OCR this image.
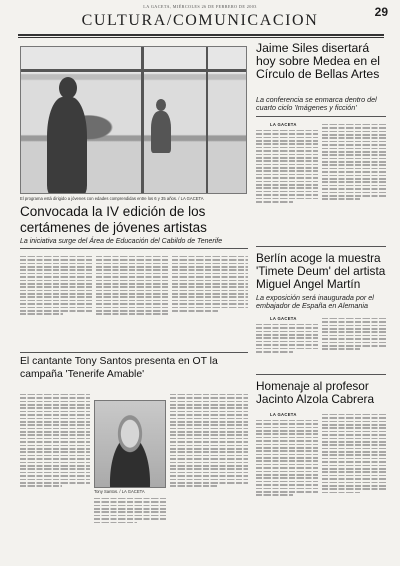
LA GACETA, MIÉRCOLES 26 DE FEBRERO DE 2003	29
CULTURA/COMUNICACION
El programa está dirigido a jóvenes con edades comprendidas entre los 6 y 35 años. / LA GACETA
Convocada la IV edición de los certámenes de jóvenes artistas
La iniciativa surge del Área de Educación del Cabildo de Tenerife
Jaime Siles disertará hoy sobre Medea en el Círculo de Bellas Artes
La conferencia se enmarca dentro del cuarto ciclo 'Imágenes y ficción'
LA GACETA
Berlín acoge la muestra 'Timete Deum' del artista Miguel Angel Martín
La exposición será inaugurada por el embajador de España en Alemania
LA GACETA
El cantante Tony Santos presenta en OT la campaña 'Tenerife Amable'
Tony Santos. / LA GACETA
Homenaje al profesor Jacinto Alzola Cabrera
LA GACETA
